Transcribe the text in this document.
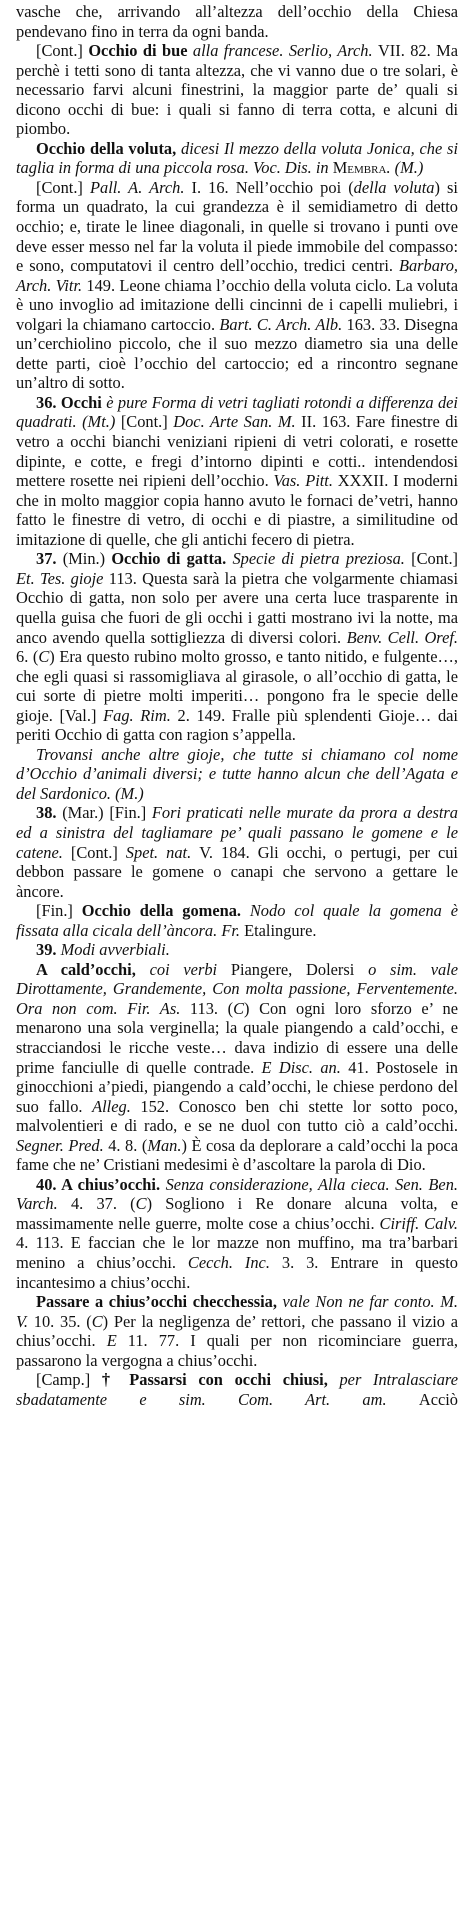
vasche che, arrivando all’altezza dell’occhio della Chiesa pendevano fino in terra da ogni banda.

[Cont.] Occhio di bue alla francese. Serlio, Arch. VII. 82. Ma perchè i tetti sono di tanta altezza, che vi vanno due o tre solari, è necessario farvi alcuni finestrini, la maggior parte de’ quali si dicono occhi di bue: i quali si fanno di terra cotta, e alcuni di piombo.

Occhio della voluta, dicesi Il mezzo della voluta Jonica, che si taglia in forma di una piccola rosa. Voc. Dis. in Membra. (M.)

[Cont.] Pall. A. Arch. I. 16. Nell’occhio poi (della voluta) si forma un quadrato, la cui grandezza è il semidiametro di detto occhio; e, tirate le linee diagonali, in quelle si trovano i punti ove deve esser messo nel far la voluta il piede immobile del compasso: e sono, computatovi il centro dell’occhio, tredici centri. Barbaro, Arch. Vitr. 149. Leone chiama l’occhio della voluta ciclo. La voluta è uno invoglio ad imitazione delli cincinni de i capelli muliebri, i volgari la chiamano cartoccio. Bart. C. Arch. Alb. 163. 33. Disegna un’cerchiolino piccolo, che il suo mezzo diametro sia una delle dette parti, cioè l’occhio del cartoccio; ed a rincontro segnane un’altro di sotto.

36. Occhi è pure Forma di vetri tagliati rotondi a differenza dei quadrati. (Mt.) [Cont.] Doc. Arte San. M. II. 163. Fare finestre di vetro a occhi bianchi veniziani ripieni di vetri colorati, e rosette dipinte, e cotte, e fregi d’intorno dipinti e cotti.. intendendosi mettere rosette nei ripieni dell’occhio. Vas. Pitt. XXXII. I moderni che in molto maggior copia hanno avuto le fornaci de’vetri, hanno fatto le finestre di vetro, di occhi e di piastre, a similitudine od imitazione di quelle, che gli antichi fecero di pietra.

37. (Min.) Occhio di gatta. Specie di pietra preziosa. [Cont.] Et. Tes. gioje 113. Questa sarà la pietra che volgarmente chiamasi Occhio di gatta, non solo per avere una certa luce trasparente in quella guisa che fuori de gli occhi i gatti mostrano ivi la notte, ma anco avendo quella sottigliezza di diversi colori. Benv. Cell. Oref. 6. (C) Era questo rubino molto grosso, e tanto nitido, e fulgente…, che egli quasi si rassomigliava al girasole, o all’occhio di gatta, le cui sorte di pietre molti imperiti… pongono fra le specie delle gioje. [Val.] Fag. Rim. 2. 149. Fralle più splendenti Gioje… dai periti Occhio di gatta con ragion s’appella.

Trovansi anche altre gioje, che tutte si chiamano col nome d’Occhio d’animali diversi; e tutte hanno alcun che dell’Agata e del Sardonico. (M.)

38. (Mar.) [Fin.] Fori praticati nelle murate da prora a destra ed a sinistra del tagliamare pe’ quali passano le gomene e le catene. [Cont.] Spet. nat. V. 184. Gli occhi, o pertugi, per cui debbon passare le gomene o canapi che servono a gettare le àncore.

[Fin.] Occhio della gomena. Nodo col quale la gomena è fissata alla cicala dell’àncora. Fr. Etalingure.

39. Modi avverbiali.

A cald’occhi, coi verbi Piangere, Dolersi o sim. vale Dirottamente, Grandemente, Con molta passione, Ferventemente. Ora non com. Fir. As. 113. (C) Con ogni loro sforzo e’ ne menarono una sola verginella; la quale piangendo a cald’occhi, e stracciandosi le ricche veste… dava indizio di essere una delle prime fanciulle di quelle contrade. E Disc. an. 41. Postosele in ginocchioni a’piedi, piangendo a cald’occhi, le chiese perdono del suo fallo. Alleg. 152. Conosco ben chi stette lor sotto poco, malvolentieri e di rado, e se ne duol con tutto ciò a cald’occhi. Segner. Pred. 4. 8. (Man.) È cosa da deplorare a cald’occhi la poca fame che ne’ Cristiani medesimi è d’ascoltare la parola di Dio.

40. A chius’occhi. Senza considerazione, Alla cieca. Sen. Ben. Varch. 4. 37. (C) Sogliono i Re donare alcuna volta, e massimamente nelle guerre, molte cose a chius’occhi. Ciriff. Calv. 4. 113. E faccian che le lor mazze non muffino, ma tra’barbari menino a chius’occhi. Cecch. Inc. 3. 3. Entrare in questo incantesimo a chius’occhi.

Passare a chius’occhi checchessia, vale Non ne far conto. M. V. 10. 35. (C) Per la negligenza de’ rettori, che passano il vizio a chius’occhi. E 11. 77. I quali per non ricominciare guerra, passarono la vergogna a chius’occhi.

[Camp.] † Passarsi con occhi chiusi, per Intralasciare sbadatamente e sim. Com. Art. am. Acciò
